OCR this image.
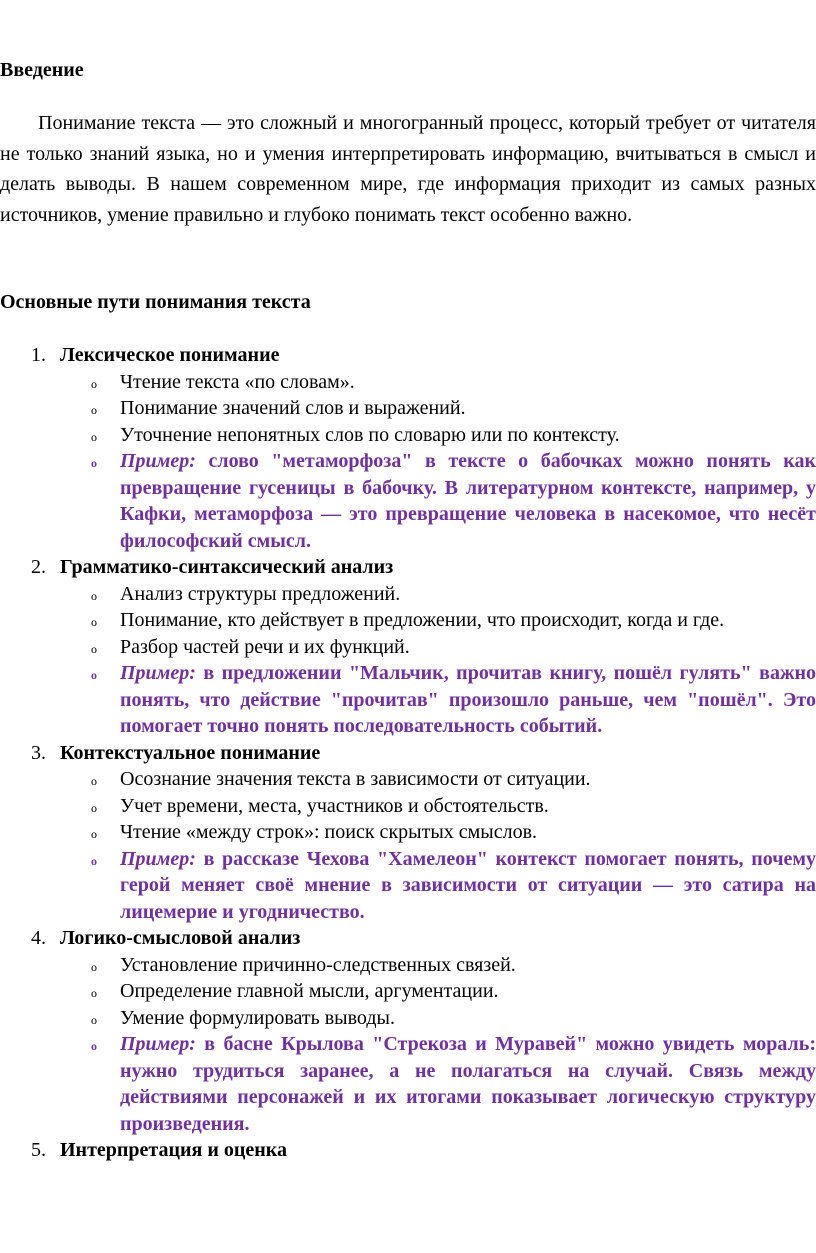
Введение

Понимание текста — это сложный и многогранный процесс, который требует от читателя не только знаний языка, но и умения интерпретировать информацию, вчитываться в смысл и делать выводы. В нашем современном мире, где информация приходит из самых разных источников, умение правильно и глубоко понимать текст особенно важно.

Основные пути понимания текста
1. Лексическое понимание
o Чтение текста «по словам».
o Понимание значений слов и выражений.
o Уточнение непонятных слов по словарю или по контексту.
o Пример: слово "метаморфоза" в тексте о бабочках можно понять как превращение гусеницы в бабочку. В литературном контексте, например, у Кафки, метаморфоза — это превращение человека в насекомое, что несёт философский смысл.
2. Грамматико-синтаксический анализ
o Анализ структуры предложений.
o Понимание, кто действует в предложении, что происходит, когда и где.
o Разбор частей речи и их функций.
o Пример: в предложении "Мальчик, прочитав книгу, пошёл гулять" важно понять, что действие "прочитав" произошло раньше, чем "пошёл". Это помогает точно понять последовательность событий.
3. Контекстуальное понимание
o Осознание значения текста в зависимости от ситуации.
o Учет времени, места, участников и обстоятельств.
o Чтение «между строк»: поиск скрытых смыслов.
o Пример: в рассказе Чехова "Хамелеон" контекст помогает понять, почему герой меняет своё мнение в зависимости от ситуации — это сатира на лицемерие и угодничество.
4. Логико-смысловой анализ
o Установление причинно-следственных связей.
o Определение главной мысли, аргументации.
o Умение формулировать выводы.
o Пример: в басне Крылова "Стрекоза и Муравей" можно увидеть мораль: нужно трудиться заранее, а не полагаться на случай. Связь между действиями персонажей и их итогами показывает логическую структуру произведения.
5. Интерпретация и оценка
